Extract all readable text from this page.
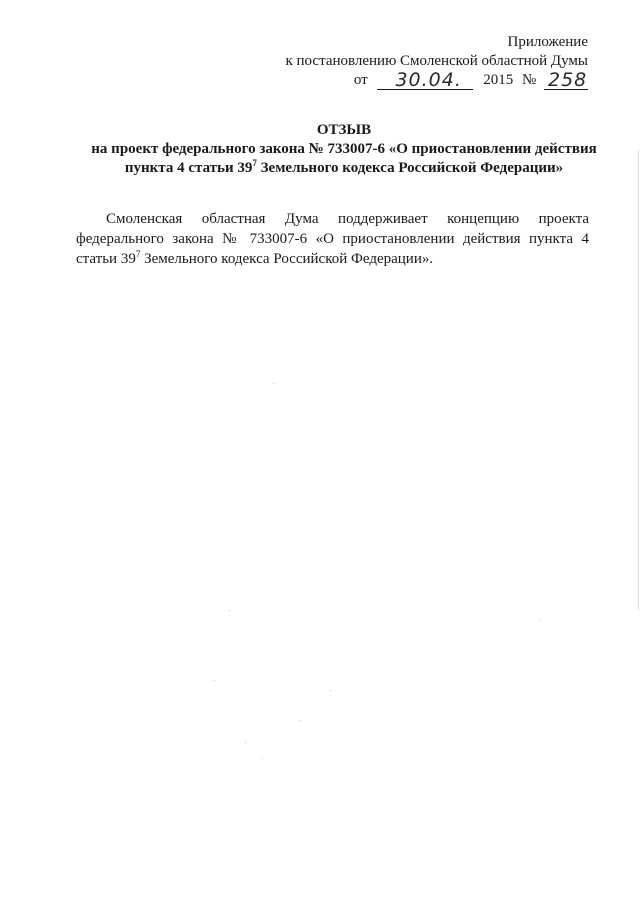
Приложение
к постановлению Смоленской областной Думы
от 30.04. 2015 № 258
ОТЗЫВ
на проект федерального закона № 733007-6 «О приостановлении действия
пункта 4 статьи $39^7$ Земельного кодекса Российской Федерации»
Смоленская областная Дума поддерживает концепцию проекта
федерального закона № 733007-6 «О приостановлении действия пункта 4
статьи $39^7$ Земельного кодекса Российской Федерации».
